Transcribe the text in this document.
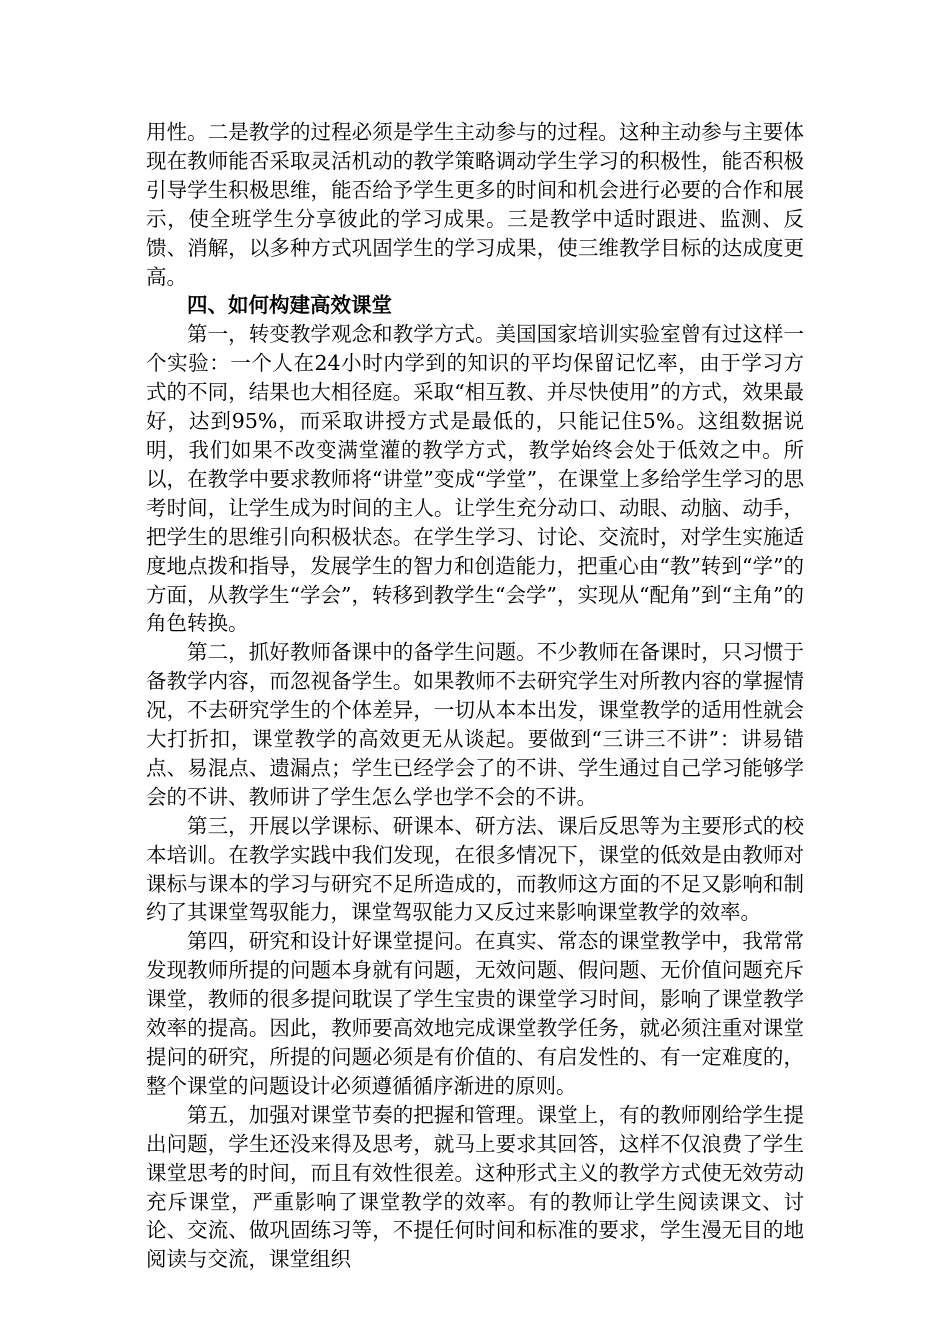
用性。二是教学的过程必须是学生主动参与的过程。这种主动参与主要体现在教师能否采取灵活机动的教学策略调动学生学习的积极性，能否积极引导学生积极思维，能否给予学生更多的时间和机会进行必要的合作和展示，使全班学生分享彼此的学习成果。三是教学中适时跟进、监测、反馈、消解，以多种方式巩固学生的学习成果，使三维教学目标的达成度更高。

四、如何构建高效课堂

第一，转变教学观念和教学方式。美国国家培训实验室曾有过这样一个实验：一个人在24小时内学到的知识的平均保留记忆率，由于学习方式的不同，结果也大相径庭。采取“相互教、并尽快使用”的方式，效果最好，达到95%，而采取讲授方式是最低的，只能记住5%。这组数据说明，我们如果不改变满堂灌的教学方式，教学始终会处于低效之中。所以，在教学中要求教师将“讲堂”变成“学堂”，在课堂上多给学生学习的思考时间，让学生成为时间的主人。让学生充分动口、动眼、动脑、动手，把学生的思维引向积极状态。在学生学习、讨论、交流时，对学生实施适度地点拨和指导，发展学生的智力和创造能力，把重心由“教”转到“学”的方面，从教学生“学会”，转移到教学生“会学”，实现从“配角”到“主角”的角色转换。

第二，抓好教师备课中的备学生问题。不少教师在备课时，只习惯于备教学内容，而忽视备学生。如果教师不去研究学生对所教内容的掌握情况，不去研究学生的个体差异，一切从本本出发，课堂教学的适用性就会大打折扣，课堂教学的高效更无从谈起。要做到“三讲三不讲”：讲易错点、易混点、遗漏点；学生已经学会了的不讲、学生通过自己学习能够学会的不讲、教师讲了学生怎么学也学不会的不讲。

第三，开展以学课标、研课本、研方法、课后反思等为主要形式的校本培训。在教学实践中我们发现，在很多情况下，课堂的低效是由教师对课标与课本的学习与研究不足所造成的，而教师这方面的不足又影响和制约了其课堂驾驭能力，课堂驾驭能力又反过来影响课堂教学的效率。

第四，研究和设计好课堂提问。在真实、常态的课堂教学中，我常常发现教师所提的问题本身就有问题，无效问题、假问题、无价值问题充斥课堂，教师的很多提问耽误了学生宝贵的课堂学习时间，影响了课堂教学效率的提高。因此，教师要高效地完成课堂教学任务，就必须注重对课堂提问的研究，所提的问题必须是有价值的、有启发性的、有一定难度的，整个课堂的问题设计必须遵循循序渐进的原则。

第五，加强对课堂节奏的把握和管理。课堂上，有的教师刚给学生提出问题，学生还没来得及思考，就马上要求其回答，这样不仅浪费了学生课堂思考的时间，而且有效性很差。这种形式主义的教学方式使无效劳动充斥课堂，严重影响了课堂教学的效率。有的教师让学生阅读课文、讨论、交流、做巩固练习等，不提任何时间和标准的要求，学生漫无目的地阅读与交流，课堂组织
